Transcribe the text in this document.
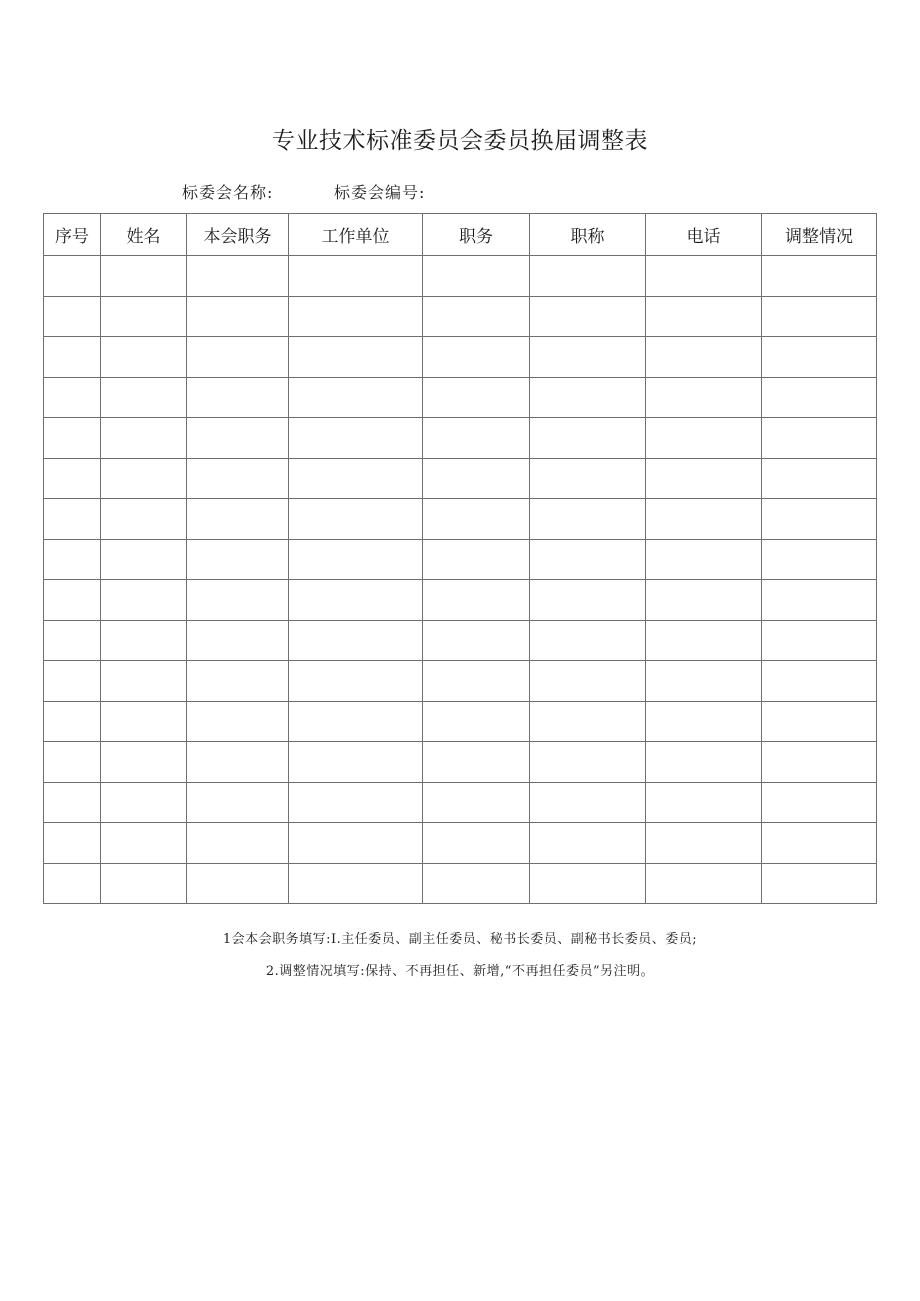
专业技术标准委员会委员换届调整表
标委会名称:	标委会编号:
序号	姓名	本会职务	工作单位	职务	职称	电话	调整情况

1会本会职务填写:I.主任委员、副主任委员、秘书长委员、副秘书长委员、委员;
2.调整情况填写:保持、不再担任、新增,“不再担任委员”另注明。
